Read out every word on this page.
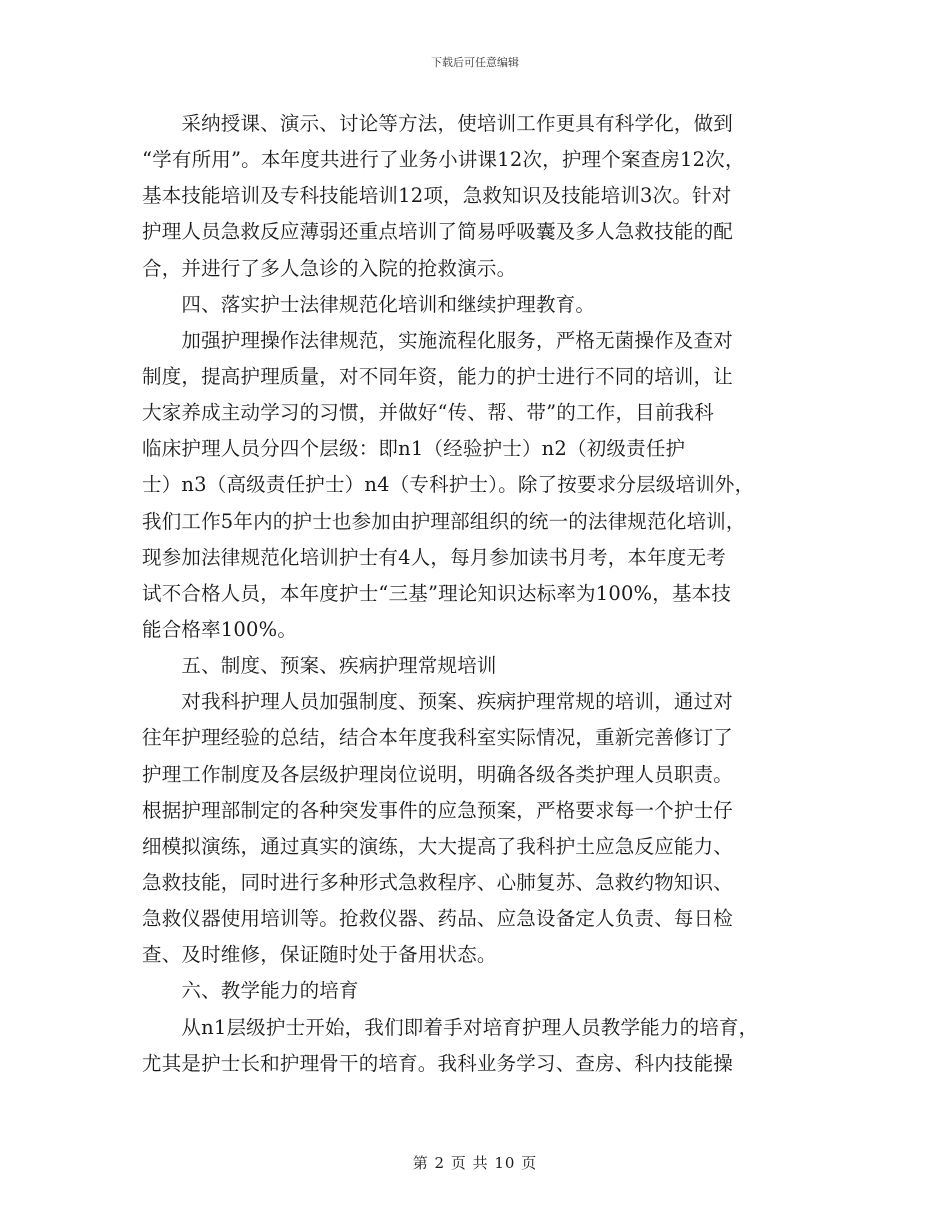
下载后可任意编辑
　　采纳授课、演示、讨论等方法，使培训工作更具有科学化，做到
“学有所用”。本年度共进行了业务小讲课12次，护理个案查房12次，
基本技能培训及专科技能培训12项，急救知识及技能培训3次。针对
护理人员急救反应薄弱还重点培训了简易呼吸囊及多人急救技能的配
合，并进行了多人急诊的入院的抢救演示。
　　四、落实护士法律规范化培训和继续护理教育。
　　加强护理操作法律规范，实施流程化服务，严格无菌操作及查对
制度，提高护理质量，对不同年资，能力的护士进行不同的培训，让
大家养成主动学习的习惯，并做好“传、帮、带”的工作，目前我科
临床护理人员分四个层级：即n1（经验护士）n2（初级责任护
士）n3（高级责任护士）n4（专科护士）。除了按要求分层级培训外，
我们工作5年内的护士也参加由护理部组织的统一的法律规范化培训，
现参加法律规范化培训护士有4人，每月参加读书月考，本年度无考
试不合格人员，本年度护士“三基”理论知识达标率为100%，基本技
能合格率100%。
　　五、制度、预案、疾病护理常规培训
　　对我科护理人员加强制度、预案、疾病护理常规的培训，通过对
往年护理经验的总结，结合本年度我科室实际情况，重新完善修订了
护理工作制度及各层级护理岗位说明，明确各级各类护理人员职责。
根据护理部制定的各种突发事件的应急预案，严格要求每一个护士仔
细模拟演练，通过真实的演练，大大提高了我科护土应急反应能力、
急救技能，同时进行多种形式急救程序、心肺复苏、急救约物知识、
急救仪器使用培训等。抢救仪器、药品、应急设备定人负责、每日检
查、及时维修，保证随时处于备用状态。
　　六、教学能力的培育
　　从n1层级护士开始，我们即着手对培育护理人员教学能力的培育，
尤其是护士长和护理骨干的培育。我科业务学习、查房、科内技能操
第 2 页 共 10 页
